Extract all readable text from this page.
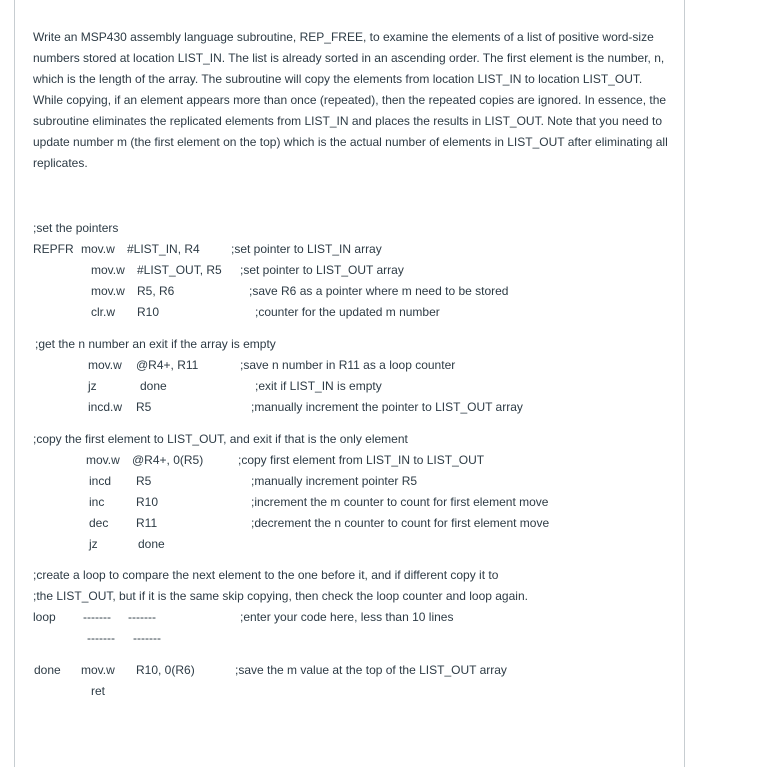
Write an MSP430 assembly language subroutine, REP_FREE, to examine the elements of a list of positive word-size numbers stored at location LIST_IN. The list is already sorted in an ascending order. The first element is the number, n, which is the length of the array. The subroutine will copy the elements from location LIST_IN to location LIST_OUT. While copying, if an element appears more than once (repeated), then the repeated copies are ignored. In essence, the subroutine eliminates the replicated elements from LIST_IN and places the results in LIST_OUT. Note that you need to update number m (the first element on the top) which is the actual number of elements in LIST_OUT after eliminating all replicates.

;set the pointers
REPFR mov.w #LIST_IN, R4	;set pointer to LIST_IN array
mov.w #LIST_OUT, R5 ;set pointer to LIST_OUT array
mov.w R5, R6	;save R6 as a pointer where m need to be stored
clr.w R10	;counter for the updated m number
;get the n number an exit if the array is empty
mov.w @R4+, R11	;save n number in R11 as a loop counter
jz	done	;exit if LIST_IN is empty
incd.w R5	;manually increment the pointer to LIST_OUT array
;copy the first element to LIST_OUT, and exit if that is the only element
mov.w @R4+, 0(R5)	;copy first element from LIST_IN to LIST_OUT
incd R5	;manually increment pointer R5
inc	R10	;increment the m counter to count for first element move
dec R11	;decrement the n counter to count for first element move
jz	done
;create a loop to compare the next element to the one before it, and if different copy it to
;the LIST_OUT, but if it is the same skip copying, then check the loop counter and loop again.
loop ------- -------	;enter your code here, less than 10 lines
------- -------
done mov.w R10, 0(R6)	;save the m value at the top of the LIST_OUT array
ret
